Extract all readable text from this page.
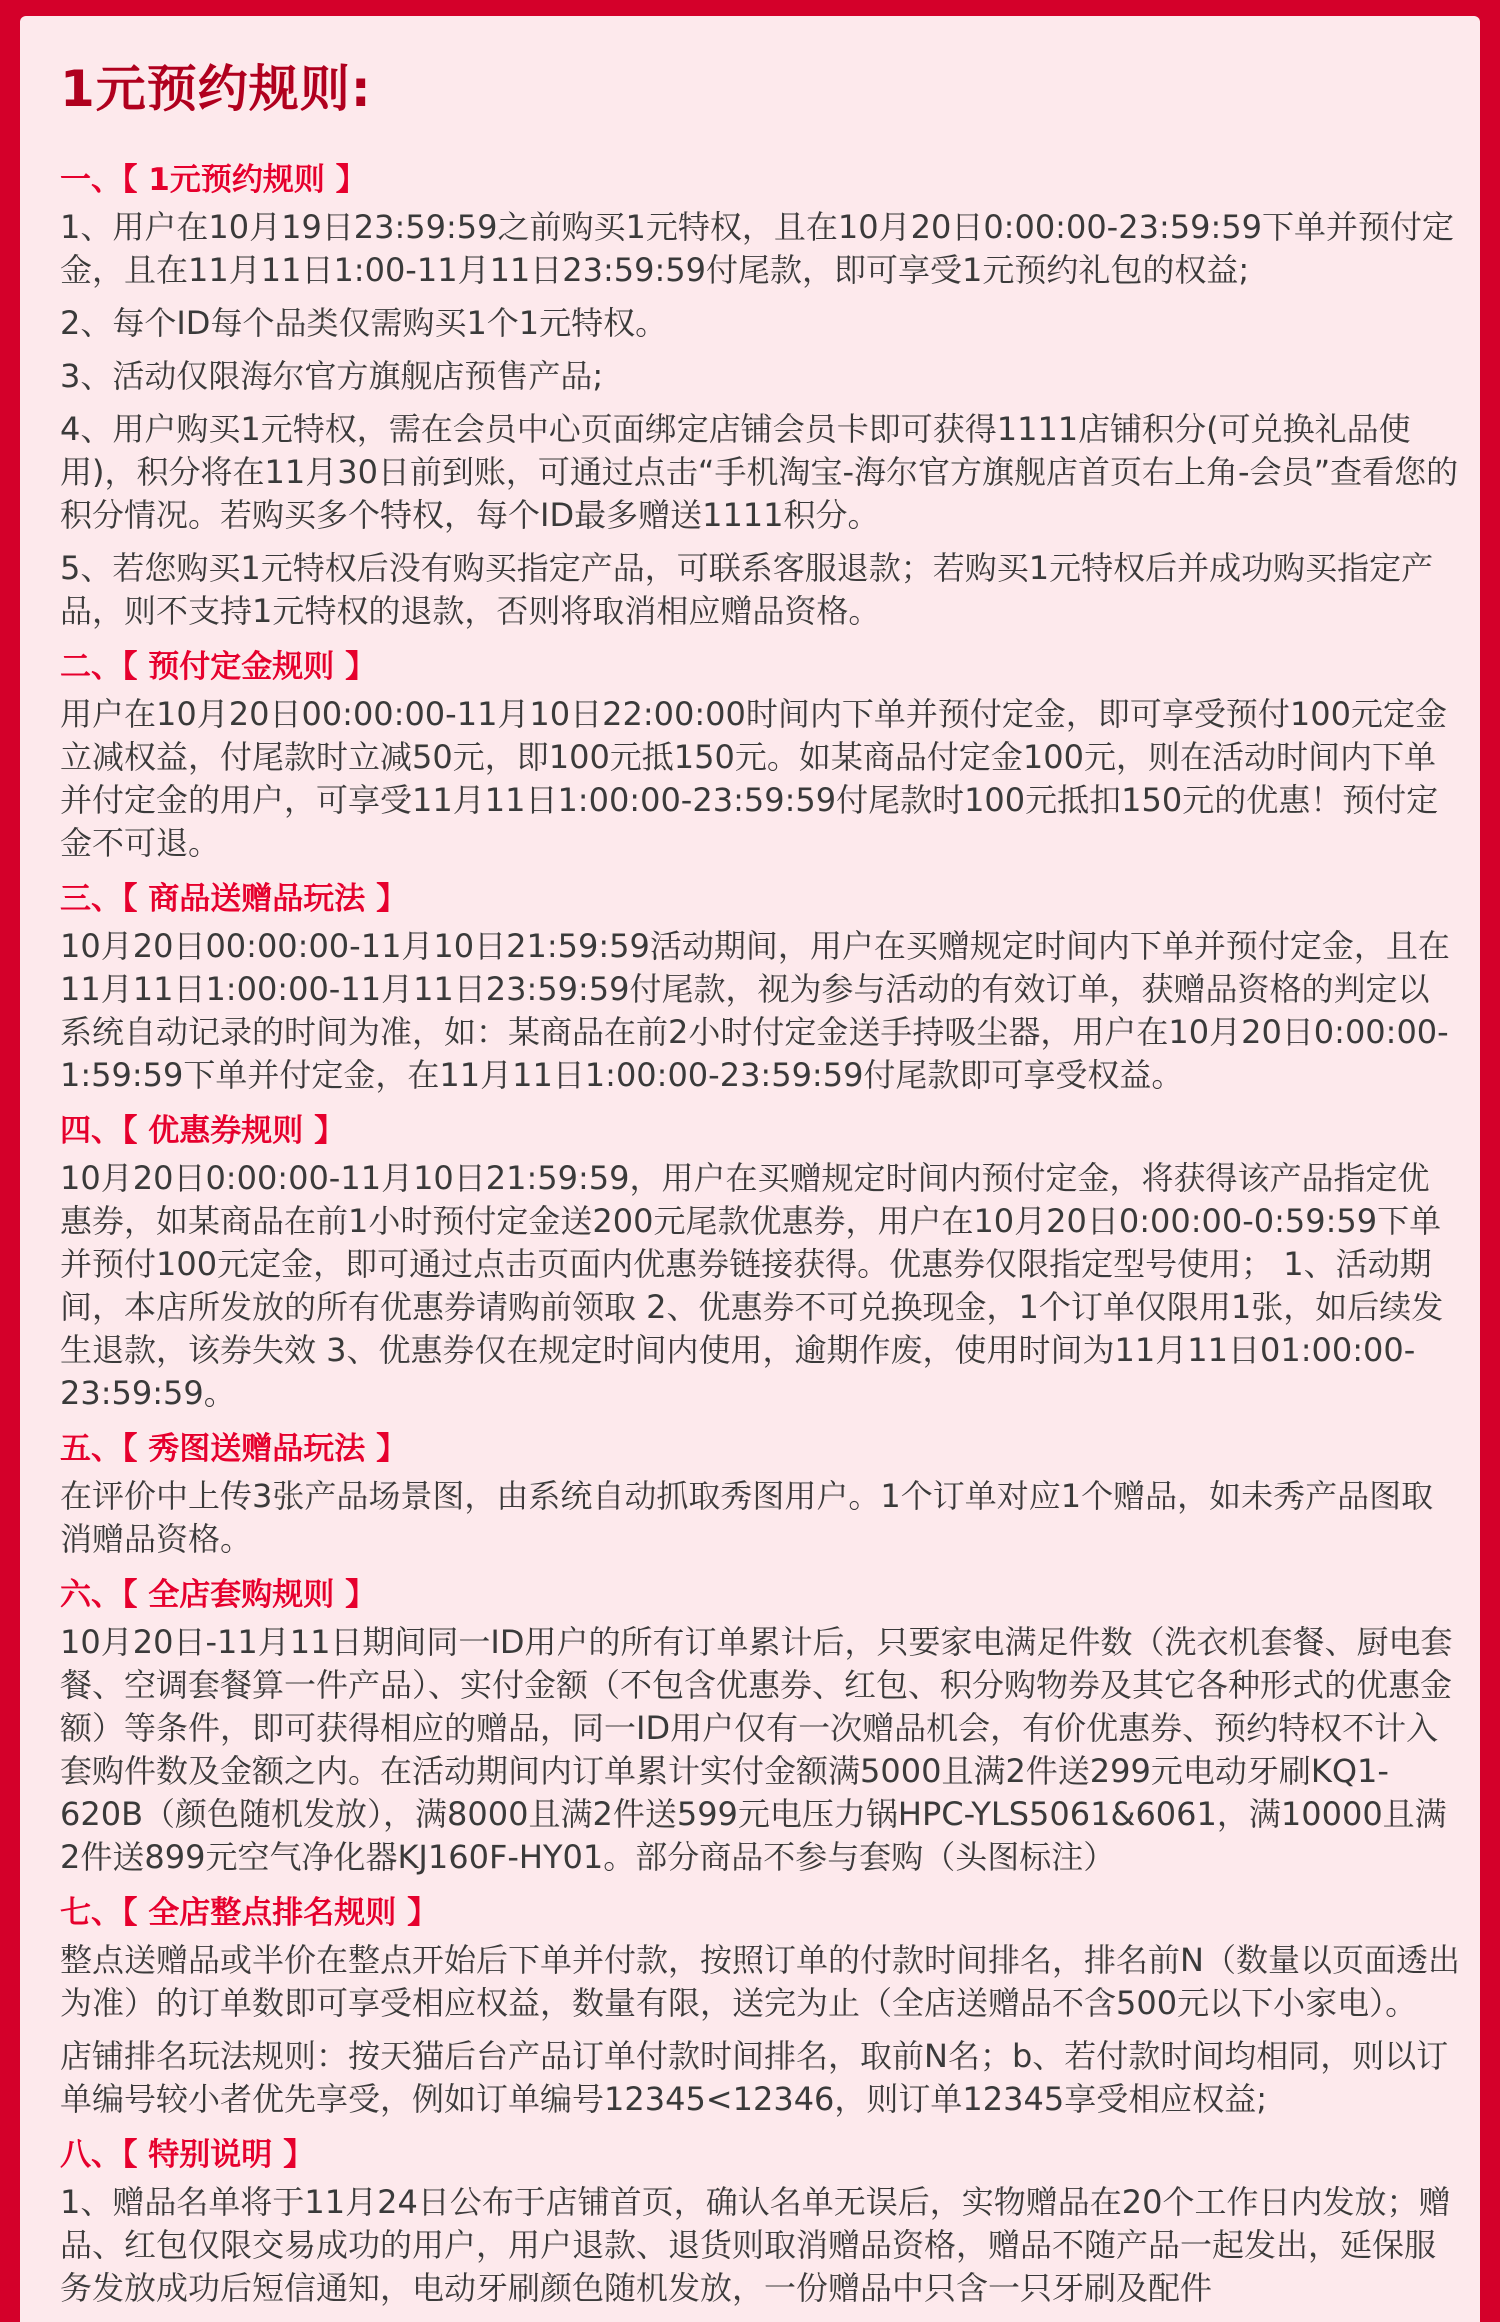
1元预约规则:
一、【 1元预约规则 】

1、用户在10月19日23:59:59之前购买1元特权，且在10月20日0:00:00-23:59:59下单并预付定金，且在11月11日1:00-11月11日23:59:59付尾款，即可享受1元预约礼包的权益;

2、每个ID每个品类仅需购买1个1元特权。

3、活动仅限海尔官方旗舰店预售产品;

4、用户购买1元特权，需在会员中心页面绑定店铺会员卡即可获得1111店铺积分(可兑换礼品使用)，积分将在11月30日前到账，可通过点击“手机淘宝-海尔官方旗舰店首页右上角-会员”查看您的积分情况。若购买多个特权，每个ID最多赠送1111积分。

5、若您购买1元特权后没有购买指定产品，可联系客服退款；若购买1元特权后并成功购买指定产品，则不支持1元特权的退款，否则将取消相应赠品资格。

二、【 预付定金规则 】

用户在10月20日00:00:00-11月10日22:00:00时间内下单并预付定金，即可享受预付100元定金立减权益，付尾款时立减50元，即100元抵150元。如某商品付定金100元，则在活动时间内下单并付定金的用户，可享受11月11日1:00:00-23:59:59付尾款时100元抵扣150元的优惠！预付定金不可退。

三、【 商品送赠品玩法 】

10月20日00:00:00-11月10日21:59:59活动期间，用户在买赠规定时间内下单并预付定金，且在11月11日1:00:00-11月11日23:59:59付尾款，视为参与活动的有效订单，获赠品资格的判定以系统自动记录的时间为准，如：某商品在前2小时付定金送手持吸尘器，用户在10月20日0:00:00-1:59:59下单并付定金，在11月11日1:00:00-23:59:59付尾款即可享受权益。

四、【 优惠券规则 】

10月20日0:00:00-11月10日21:59:59，用户在买赠规定时间内预付定金，将获得该产品指定优惠券，如某商品在前1小时预付定金送200元尾款优惠券，用户在10月20日0:00:00-0:59:59下单并预付100元定金，即可通过点击页面内优惠券链接获得。优惠券仅限指定型号使用； 1、活动期间，本店所发放的所有优惠券请购前领取 2、优惠券不可兑换现金，1个订单仅限用1张，如后续发生退款，该券失效 3、优惠券仅在规定时间内使用，逾期作废，使用时间为11月11日01:00:00-23:59:59。

五、【 秀图送赠品玩法 】

在评价中上传3张产品场景图，由系统自动抓取秀图用户。1个订单对应1个赠品，如未秀产品图取消赠品资格。

六、【 全店套购规则 】

10月20日-11月11日期间同一ID用户的所有订单累计后，只要家电满足件数（洗衣机套餐、厨电套餐、空调套餐算一件产品）、实付金额（不包含优惠券、红包、积分购物券及其它各种形式的优惠金额）等条件，即可获得相应的赠品，同一ID用户仅有一次赠品机会，有价优惠券、预约特权不计入套购件数及金额之内。在活动期间内订单累计实付金额满5000且满2件送299元电动牙刷KQ1-620B（颜色随机发放），满8000且满2件送599元电压力锅HPC-YLS5061&6061，满10000且满2件送899元空气净化器KJ160F-HY01。部分商品不参与套购（头图标注）

七、【 全店整点排名规则 】

整点送赠品或半价在整点开始后下单并付款，按照订单的付款时间排名，排名前N（数量以页面透出为准）的订单数即可享受相应权益，数量有限，送完为止（全店送赠品不含500元以下小家电）。

店铺排名玩法规则：按天猫后台产品订单付款时间排名，取前N名；b、若付款时间均相同，则以订单编号较小者优先享受，例如订单编号12345<12346，则订单12345享受相应权益;

八、【 特别说明 】

1、赠品名单将于11月24日公布于店铺首页，确认名单无误后，实物赠品在20个工作日内发放；赠品、红包仅限交易成功的用户，用户退款、退货则取消赠品资格，赠品不随产品一起发出，延保服务发放成功后短信通知，电动牙刷颜色随机发放，一份赠品中只含一只牙刷及配件
